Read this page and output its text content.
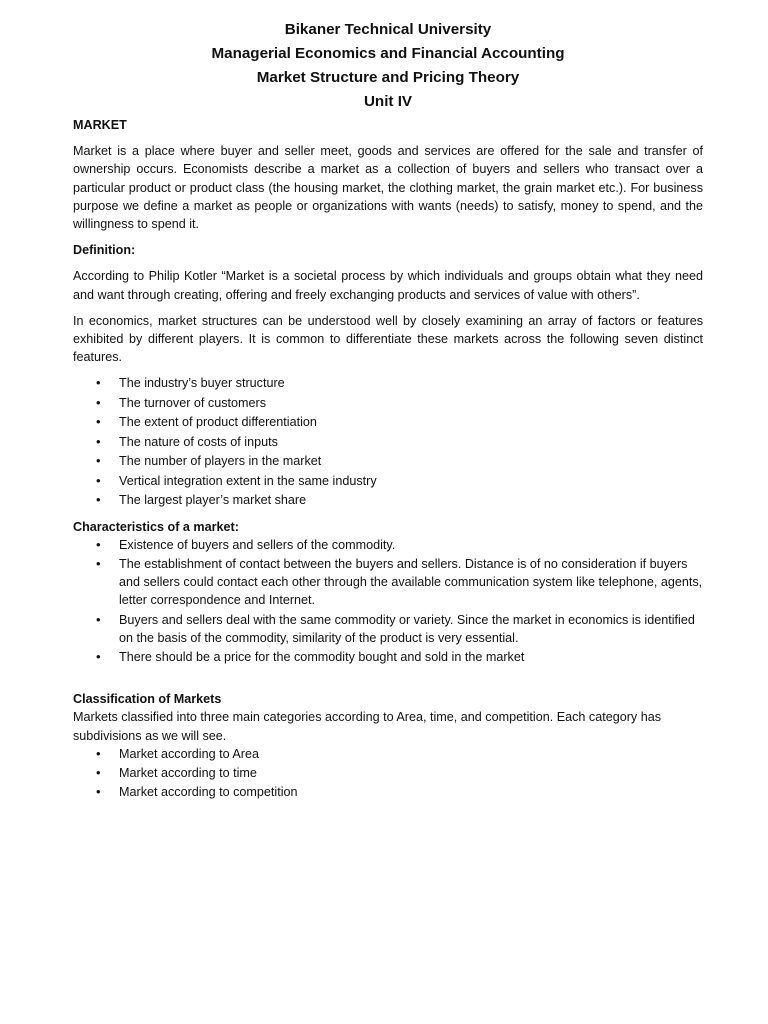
Bikaner Technical University
Managerial Economics and Financial Accounting
Market Structure and Pricing Theory
Unit IV
MARKET

Market is a place where buyer and seller meet, goods and services are offered for the sale and transfer of ownership occurs. Economists describe a market as a collection of buyers and sellers who transact over a particular product or product class (the housing market, the clothing market, the grain market etc.). For business purpose we define a market as people or organizations with wants (needs) to satisfy, money to spend, and the willingness to spend it.

Definition:

According to Philip Kotler “Market is a societal process by which individuals and groups obtain what they need and want through creating, offering and freely exchanging products and services of value with others”.

In economics, market structures can be understood well by closely examining an array of factors or features exhibited by different players. It is common to differentiate these markets across the following seven distinct features.

• The industry’s buyer structure
• The turnover of customers
• The extent of product differentiation
• The nature of costs of inputs
• The number of players in the market
• Vertical integration extent in the same industry
• The largest player’s market share
Characteristics of a market:
• Existence of buyers and sellers of the commodity.
• The establishment of contact between the buyers and sellers. Distance is of no consideration if buyers and sellers could contact each other through the available communication system like telephone, agents, letter correspondence and Internet.
• Buyers and sellers deal with the same commodity or variety. Since the market in economics is identified on the basis of the commodity, similarity of the product is very essential.
• There should be a price for the commodity bought and sold in the market
Classification of Markets

Markets classified into three main categories according to Area, time, and competition. Each category has subdivisions as we will see.

• Market according to Area
• Market according to time
• Market according to competition
